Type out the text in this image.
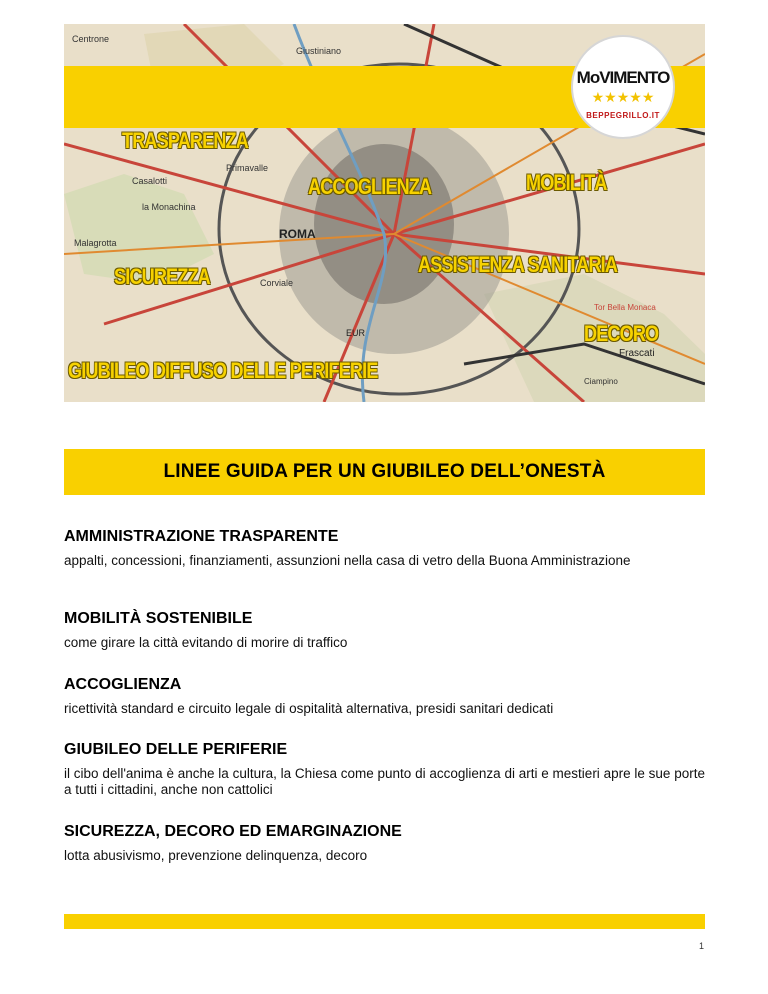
Centrone
Giustiniano
Primavalle
ROMA
EUR
Frascati
Malagrotta
Casalotti
la Monachina
Corviale
Tor Bella Monaca
Ciampino
MoVIMENTO
★★★★★
BEPPEGRILLO.IT
TRASPARENZA
ACCOGLIENZA	MOBILITÀ
SICUREZZA	ASSISTENZA SANITARIA
DECORO
GIUBILEO DIFFUSO DELLE PERIFERIE
LINEE GUIDA PER UN GIUBILEO DELL’ONESTÀ
AMMINISTRAZIONE TRASPARENTE

appalti, concessioni, finanziamenti, assunzioni nella casa di vetro della Buona Amministrazione

MOBILITÀ SOSTENIBILE

come girare la città evitando di morire di traffico

ACCOGLIENZA

ricettività standard e circuito legale di ospitalità alternativa, presidi sanitari dedicati

GIUBILEO DELLE PERIFERIE

il cibo dell'anima è anche la cultura, la Chiesa come punto di accoglienza di arti e mestieri apre le sue porte a tutti i cittadini, anche non cattolici

SICUREZZA, DECORO ED EMARGINAZIONE

lotta abusivismo, prevenzione delinquenza, decoro

1
